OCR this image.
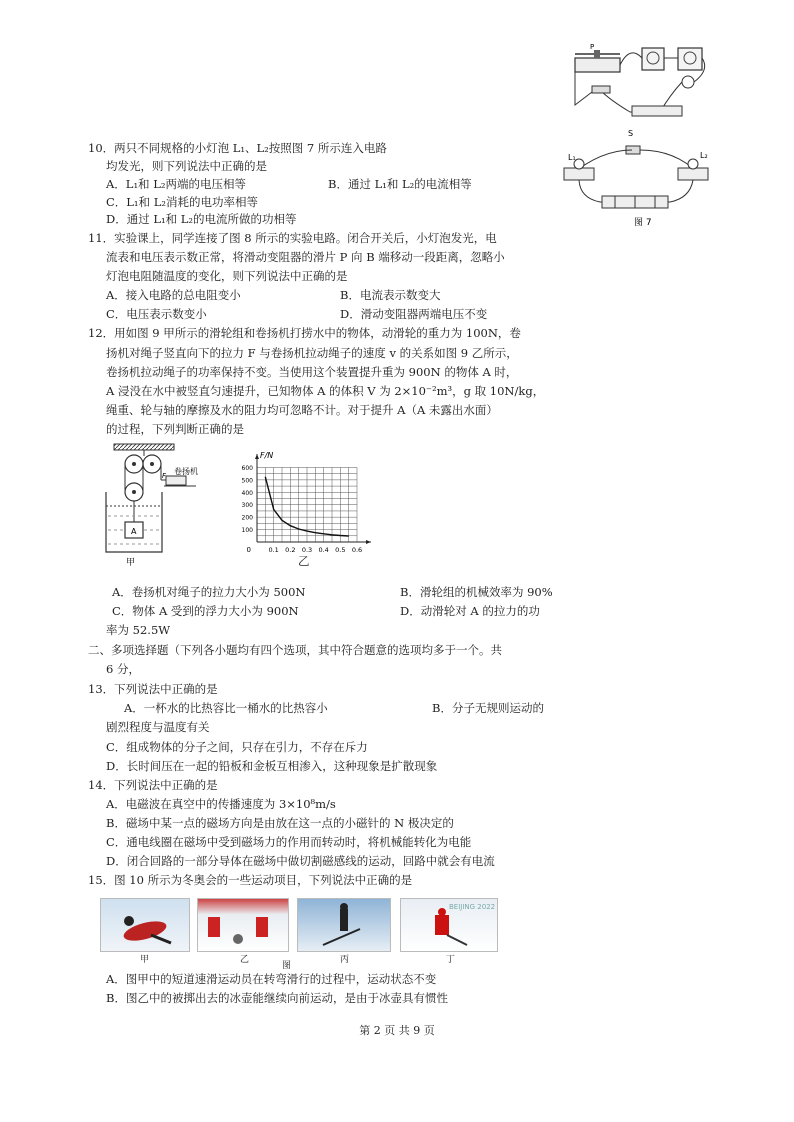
P
S
L₁	L₂
图 7
10．两只不同规格的小灯泡 L₁、L₂按照图 7 所示连入电路
均发光，则下列说法中正确的是
A．L₁和 L₂两端的电压相等	B．通过 L₁和 L₂的电流相等
C．L₁和 L₂消耗的电功率相等
D．通过 L₁和 L₂的电流所做的功相等
11．实验课上，同学连接了图 8 所示的实验电路。闭合开关后，小灯泡发光，电
流表和电压表示数正常，将滑动变阻器的滑片 P 向 B 端移动一段距离，忽略小
灯泡电阻随温度的变化，则下列说法中正确的是
A．接入电路的总电阻变小	B．电流表示数变大
C．电压表示数变小	D．滑动变阻器两端电压不变
12．用如图 9 甲所示的滑轮组和卷扬机打捞水中的物体，动滑轮的重力为 100N，卷
扬机对绳子竖直向下的拉力 F 与卷扬机拉动绳子的速度 v 的关系如图 9 乙所示，
卷扬机拉动绳子的功率保持不变。当使用这个装置提升重为 900N 的物体 A 时，
A 浸没在水中被竖直匀速提升，已知物体 A 的体积 V 为 2×10⁻²m³，g 取 10N/kg，
绳重、轮与轴的摩擦及水的阻力均可忽略不计。对于提升 A（A 未露出水面）
的过程，下列判断正确的是
F 卷扬机
A
甲
F/N
600
500
400
300
200
100
0	0.1 0.2 0.3 0.4 0.5 0.6
乙
A．卷扬机对绳子的拉力大小为 500N	B．滑轮组的机械效率为 90%
C．物体 A 受到的浮力大小为 900N	D．动滑轮对 A 的拉力的功
率为 52.5W
二、多项选择题（下列各小题均有四个选项，其中符合题意的选项均多于一个。共
6 分，
13．下列说法中正确的是
A．一杯水的比热容比一桶水的比热容小	B．分子无规则运动的
剧烈程度与温度有关
C．组成物体的分子之间，只存在引力，不存在斥力
D．长时间压在一起的铅板和金板互相渗入，这种现象是扩散现象
14．下列说法中正确的是
A．电磁波在真空中的传播速度为 3×10⁸m/s
B．磁场中某一点的磁场方向是由放在这一点的小磁针的 N 极决定的
C．通电线圈在磁场中受到磁场力的作用而转动时，将机械能转化为电能
D．闭合回路的一部分导体在磁场中做切割磁感线的运动，回路中就会有电流
15．图 10 所示为冬奥会的一些运动项目，下列说法中正确的是
BEIJING 2022
甲	乙
图
丙	丁
A．图甲中的短道速滑运动员在转弯滑行的过程中，运动状态不变
B．图乙中的被掷出去的冰壶能继续向前运动，是由于冰壶具有惯性
第 2 页 共 9 页
